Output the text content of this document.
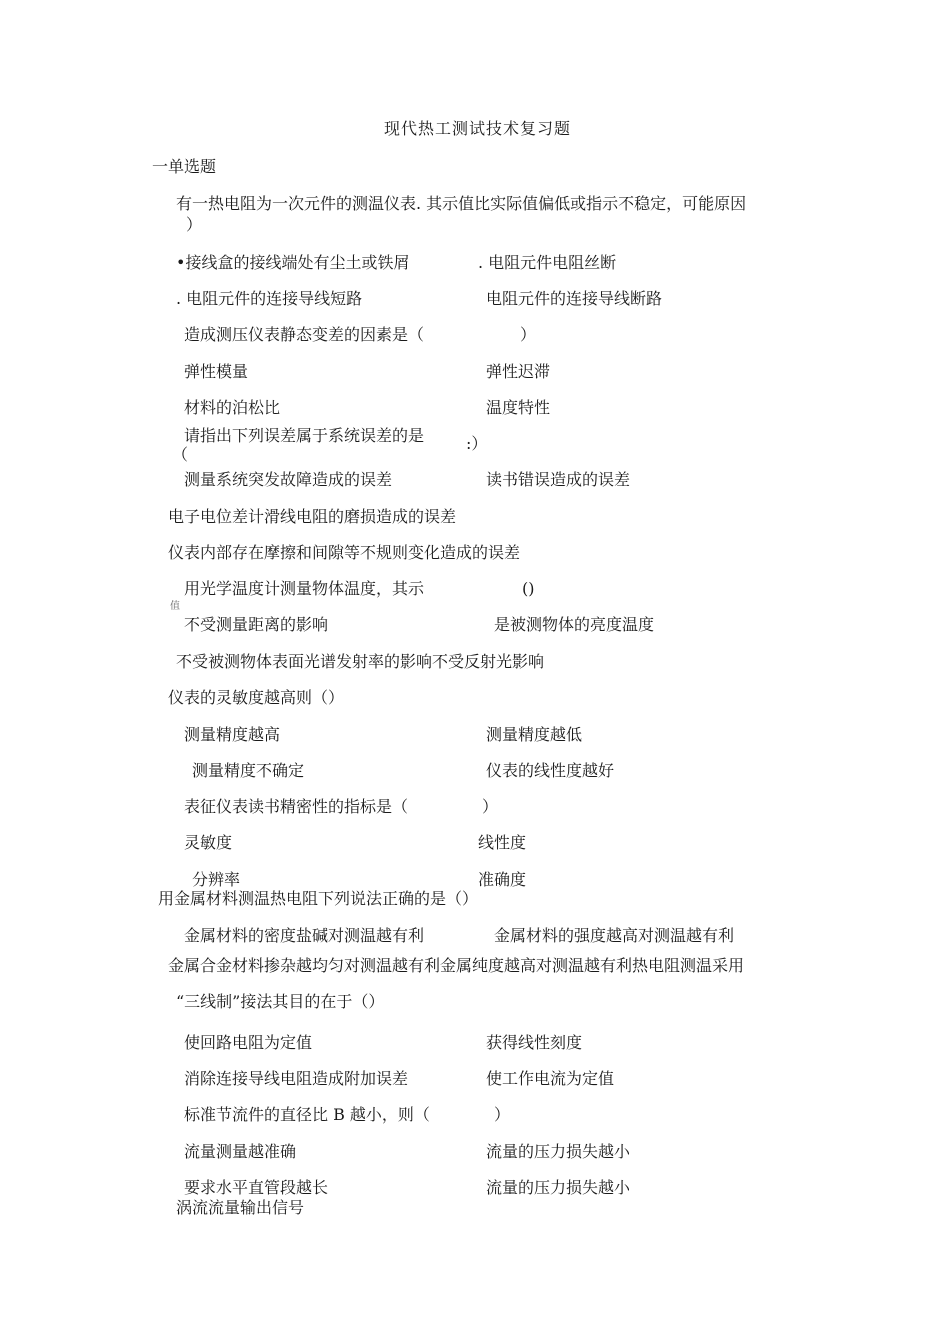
现代热工测试技术复习题
一单选题
有一热电阻为一次元件的测温仪表. 其示值比实际值偏低或指示不稳定，可能原因
）
•接线盒的接线端处有尘土或铁屑	. 电阻元件电阻丝断
. 电阻元件的连接导线短路	电阻元件的连接导线断路
造成测压仪表静态变差的因素是（	）
弹性模量	弹性迟滞
材料的泊松比	温度特性
请指出下列误差属于系统误差的是
（
:）
测量系统突发故障造成的误差	读书错误造成的误差
电子电位差计滑线电阻的磨损造成的误差
仪表内部存在摩擦和间隙等不规则变化造成的误差
用光学温度计测量物体温度，其示
值
()
不受测量距离的影响	是被测物体的亮度温度
不受被测物体表面光谱发射率的影响不受反射光影响
仪表的灵敏度越高则（）
测量精度越高	测量精度越低
测量精度不确定	仪表的线性度越好
表征仪表读书精密性的指标是（	）
灵敏度	线性度
分辨率	准确度
用金属材料测温热电阻下列说法正确的是（）
金属材料的密度盐碱对测温越有利	金属材料的强度越高对测温越有利
金属合金材料掺杂越均匀对测温越有利金属纯度越高对测温越有利热电阻测温采用
“三线制”接法其目的在于（）
使回路电阻为定值	获得线性刻度
消除连接导线电阻造成附加误差	使工作电流为定值
标准节流件的直径比 B 越小，则（	）
流量测量越准确	流量的压力损失越小
要求水平直管段越长	流量的压力损失越小
涡流流量输出信号
